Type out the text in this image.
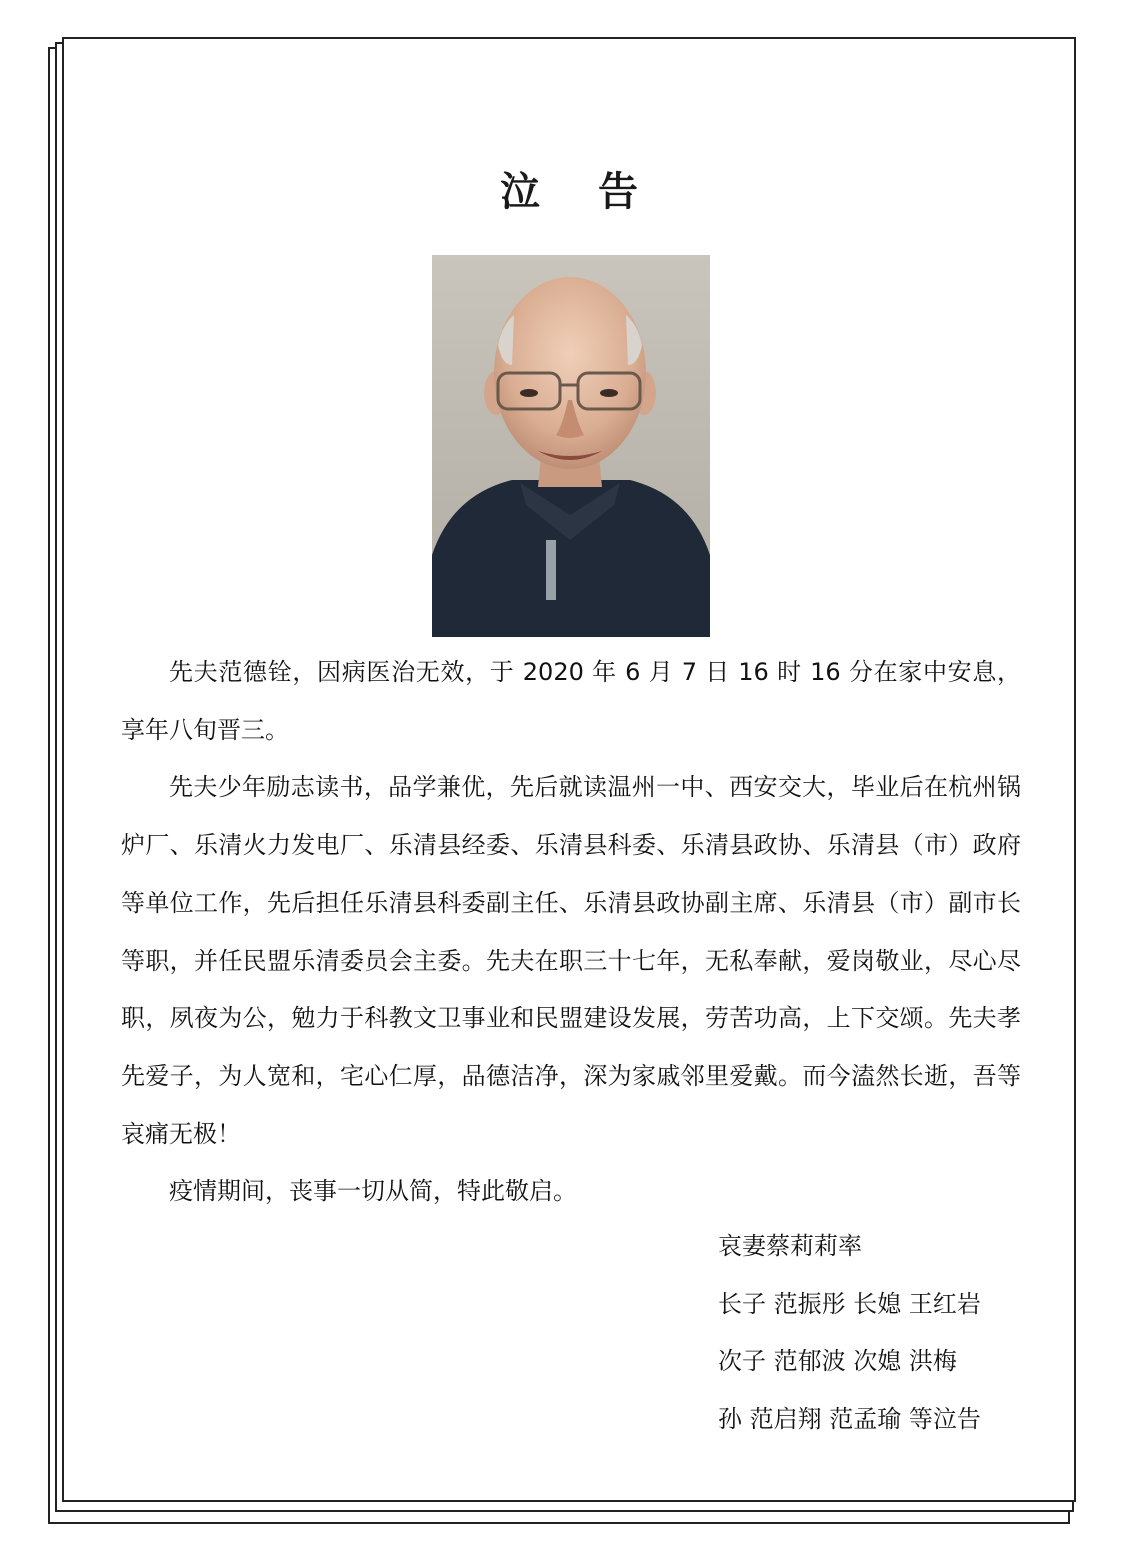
泣 告

先夫范德铨，因病医治无效，于 2020 年 6 月 7 日 16 时 16 分在家中安息，享年八旬晋三。

先夫少年励志读书，品学兼优，先后就读温州一中、西安交大，毕业后在杭州锅炉厂、乐清火力发电厂、乐清县经委、乐清县科委、乐清县政协、乐清县（市）政府等单位工作，先后担任乐清县科委副主任、乐清县政协副主席、乐清县（市）副市长等职，并任民盟乐清委员会主委。先夫在职三十七年，无私奉献，爱岗敬业，尽心尽职，夙夜为公，勉力于科教文卫事业和民盟建设发展，劳苦功高，上下交颂。先夫孝先爱子，为人宽和，宅心仁厚，品德洁净，深为家戚邻里爱戴。而今溘然长逝，吾等哀痛无极！

疫情期间，丧事一切从简，特此敬启。

哀妻蔡莉莉率
长子 范振彤 长媳 王红岩
次子 范郁波 次媳 洪梅
孙 范启翔 范孟瑜 等泣告
